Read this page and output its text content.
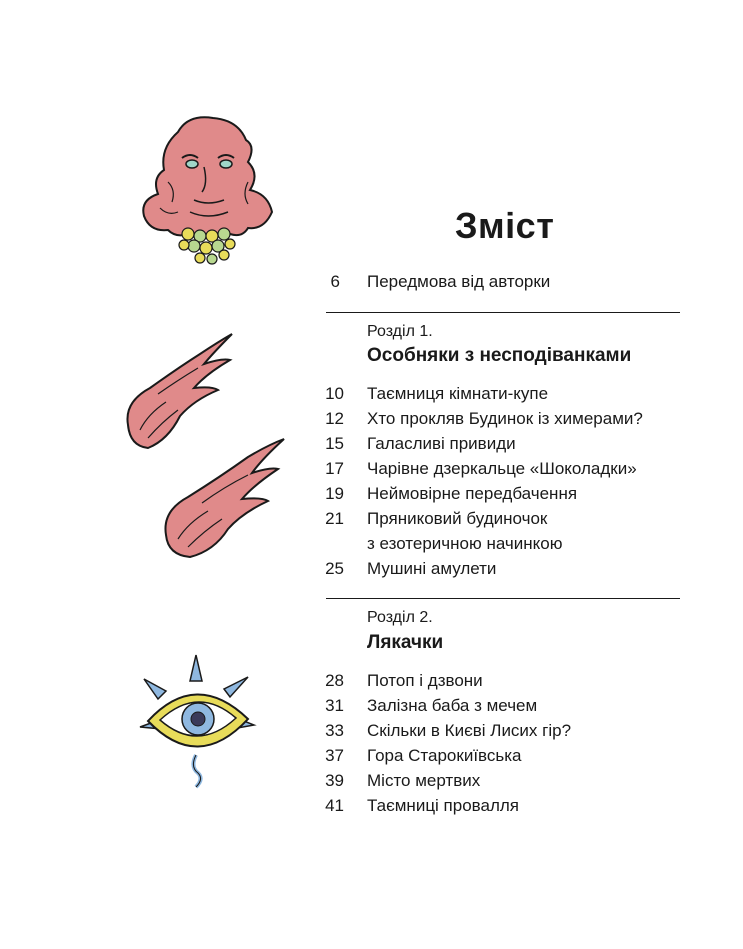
Зміст
6 Передмова від авторки
Розділ 1.
Особняки з несподіванками
10 Таємниця кімнати-купе
12 Хто прокляв Будинок із химерами?
15 Галасливі привиди
17 Чарівне дзеркальце «Шоколадки»
19 Неймовірне передбачення
21 Пряниковий будиночок
з езотеричною начинкою
25 Мушині амулети
Розділ 2.
Лякачки
28 Потоп і дзвони
31 Залізна баба з мечем
33 Скільки в Києві Лисих гір?
37 Гора Старокиївська
39 Місто мертвих
41 Таємниці провалля
